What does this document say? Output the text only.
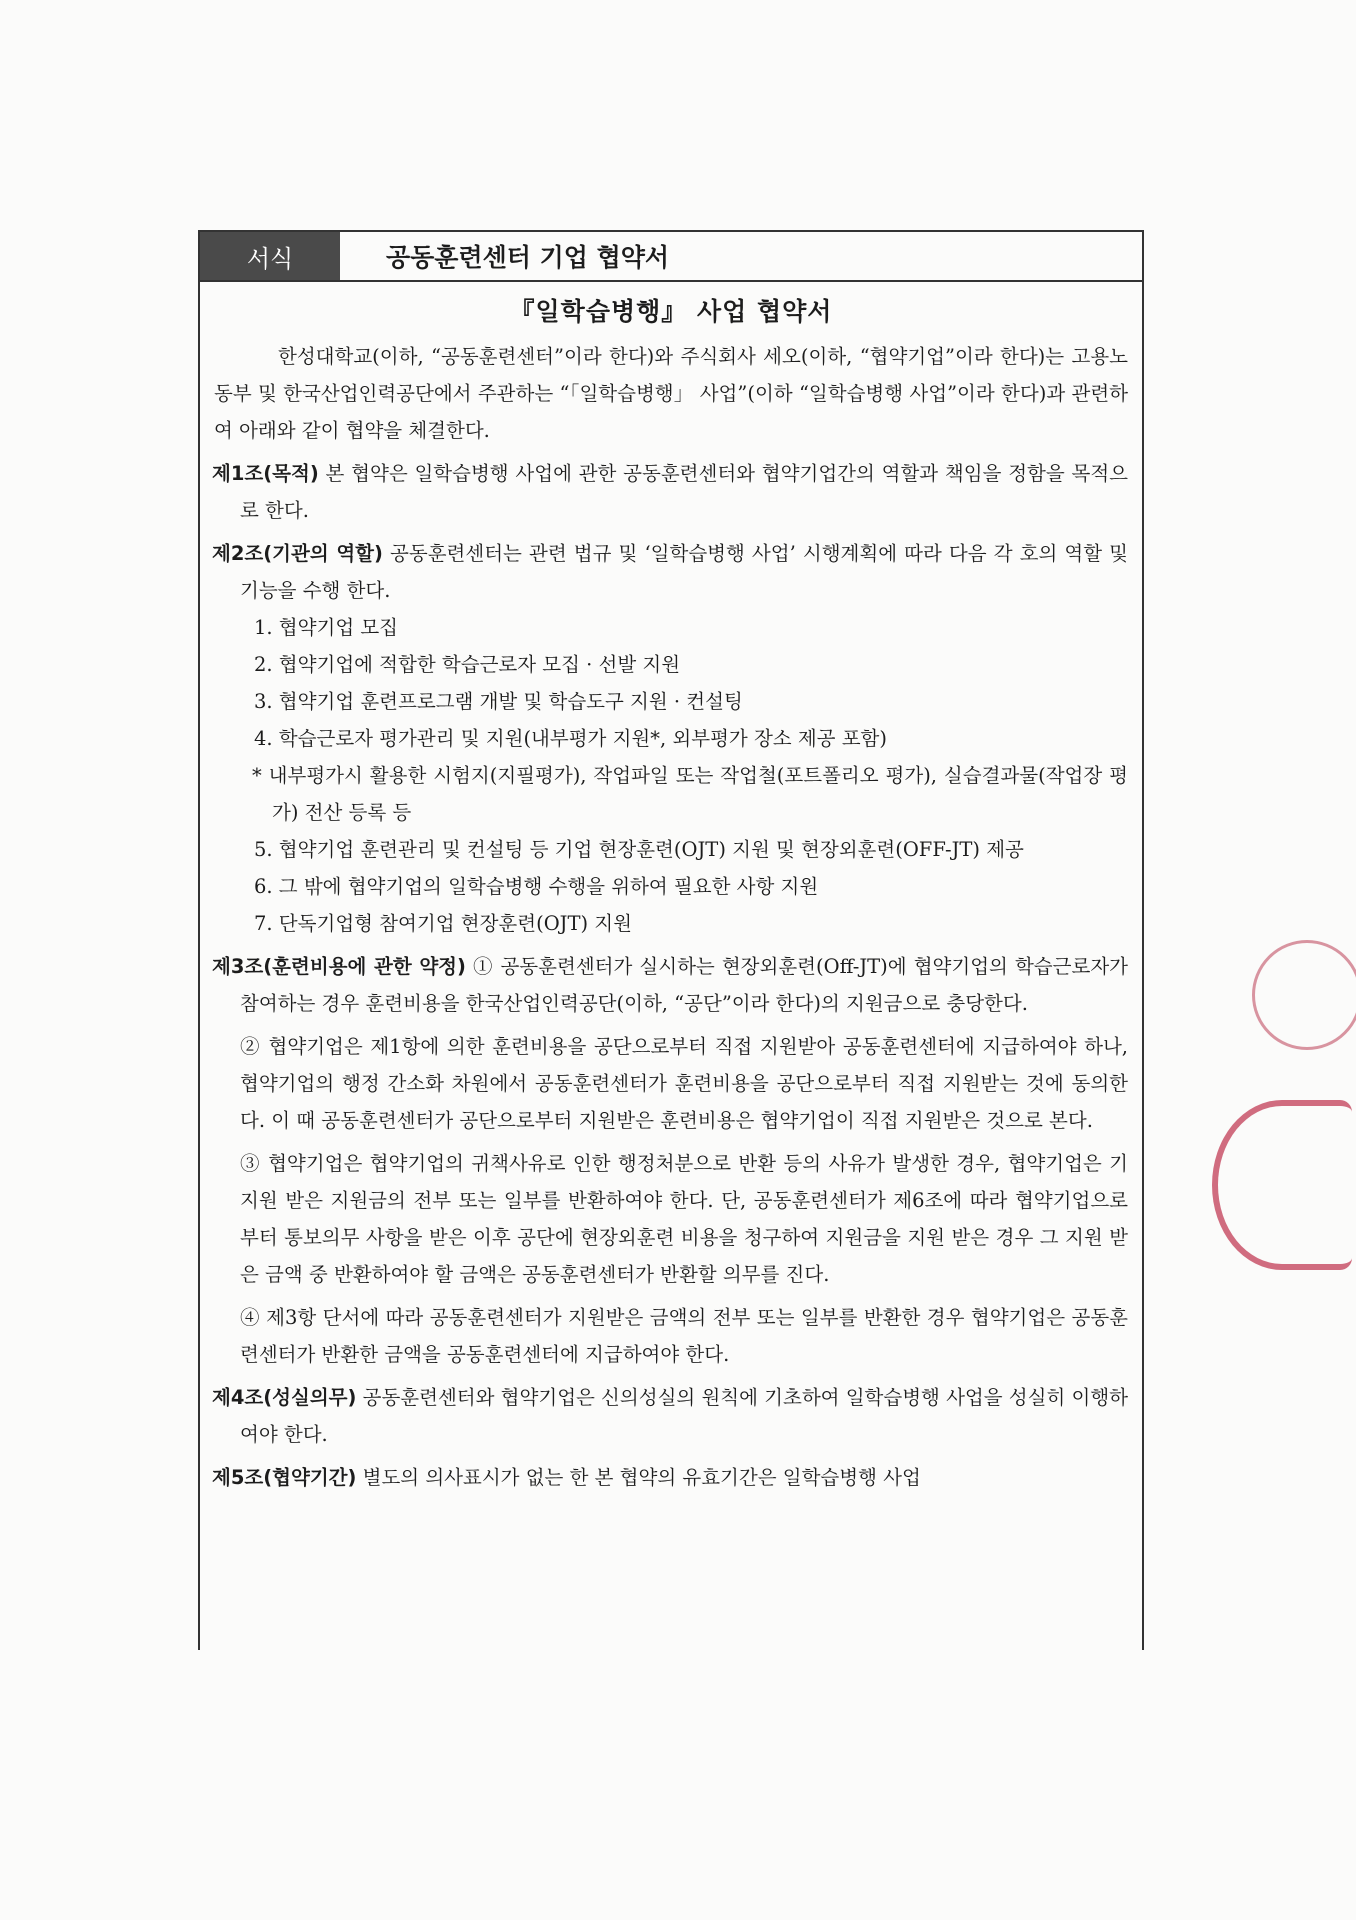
서식	공동훈련센터 기업 협약서
『일학습병행』 사업 협약서

한성대학교(이하, “공동훈련센터”이라 한다)와 주식회사 세오(이하, “협약기업”이라 한다)는 고용노동부 및 한국산업인력공단에서 주관하는 “「일학습병행」 사업”(이하 “일학습병행 사업”이라 한다)과 관련하여 아래와 같이 협약을 체결한다.

제1조(목적) 본 협약은 일학습병행 사업에 관한 공동훈련센터와 협약기업간의 역할과 책임을 정함을 목적으로 한다.

제2조(기관의 역할) 공동훈련센터는 관련 법규 및 ‘일학습병행 사업’ 시행계획에 따라 다음 각 호의 역할 및 기능을 수행 한다.

1. 협약기업 모집
2. 협약기업에 적합한 학습근로자 모집 · 선발 지원
3. 협약기업 훈련프로그램 개발 및 학습도구 지원 · 컨설팅
4. 학습근로자 평가관리 및 지원(내부평가 지원*, 외부평가 장소 제공 포함)
* 내부평가시 활용한 시험지(지필평가), 작업파일 또는 작업철(포트폴리오 평가), 실습결과물(작업장 평가) 전산 등록 등
5. 협약기업 훈련관리 및 컨설팅 등 기업 현장훈련(OJT) 지원 및 현장외훈련(OFF-JT) 제공
6. 그 밖에 협약기업의 일학습병행 수행을 위하여 필요한 사항 지원
7. 단독기업형 참여기업 현장훈련(OJT) 지원

제3조(훈련비용에 관한 약정) ① 공동훈련센터가 실시하는 현장외훈련(Off-JT)에 협약기업의 학습근로자가 참여하는 경우 훈련비용을 한국산업인력공단(이하, “공단”이라 한다)의 지원금으로 충당한다.

② 협약기업은 제1항에 의한 훈련비용을 공단으로부터 직접 지원받아 공동훈련센터에 지급하여야 하나, 협약기업의 행정 간소화 차원에서 공동훈련센터가 훈련비용을 공단으로부터 직접 지원받는 것에 동의한다. 이 때 공동훈련센터가 공단으로부터 지원받은 훈련비용은 협약기업이 직접 지원받은 것으로 본다.

③ 협약기업은 협약기업의 귀책사유로 인한 행정처분으로 반환 등의 사유가 발생한 경우, 협약기업은 기지원 받은 지원금의 전부 또는 일부를 반환하여야 한다. 단, 공동훈련센터가 제6조에 따라 협약기업으로부터 통보의무 사항을 받은 이후 공단에 현장외훈련 비용을 청구하여 지원금을 지원 받은 경우 그 지원 받은 금액 중 반환하여야 할 금액은 공동훈련센터가 반환할 의무를 진다.

④ 제3항 단서에 따라 공동훈련센터가 지원받은 금액의 전부 또는 일부를 반환한 경우 협약기업은 공동훈련센터가 반환한 금액을 공동훈련센터에 지급하여야 한다.

제4조(성실의무) 공동훈련센터와 협약기업은 신의성실의 원칙에 기초하여 일학습병행 사업을 성실히 이행하여야 한다.

제5조(협약기간) 별도의 의사표시가 없는 한 본 협약의 유효기간은 일학습병행 사업
